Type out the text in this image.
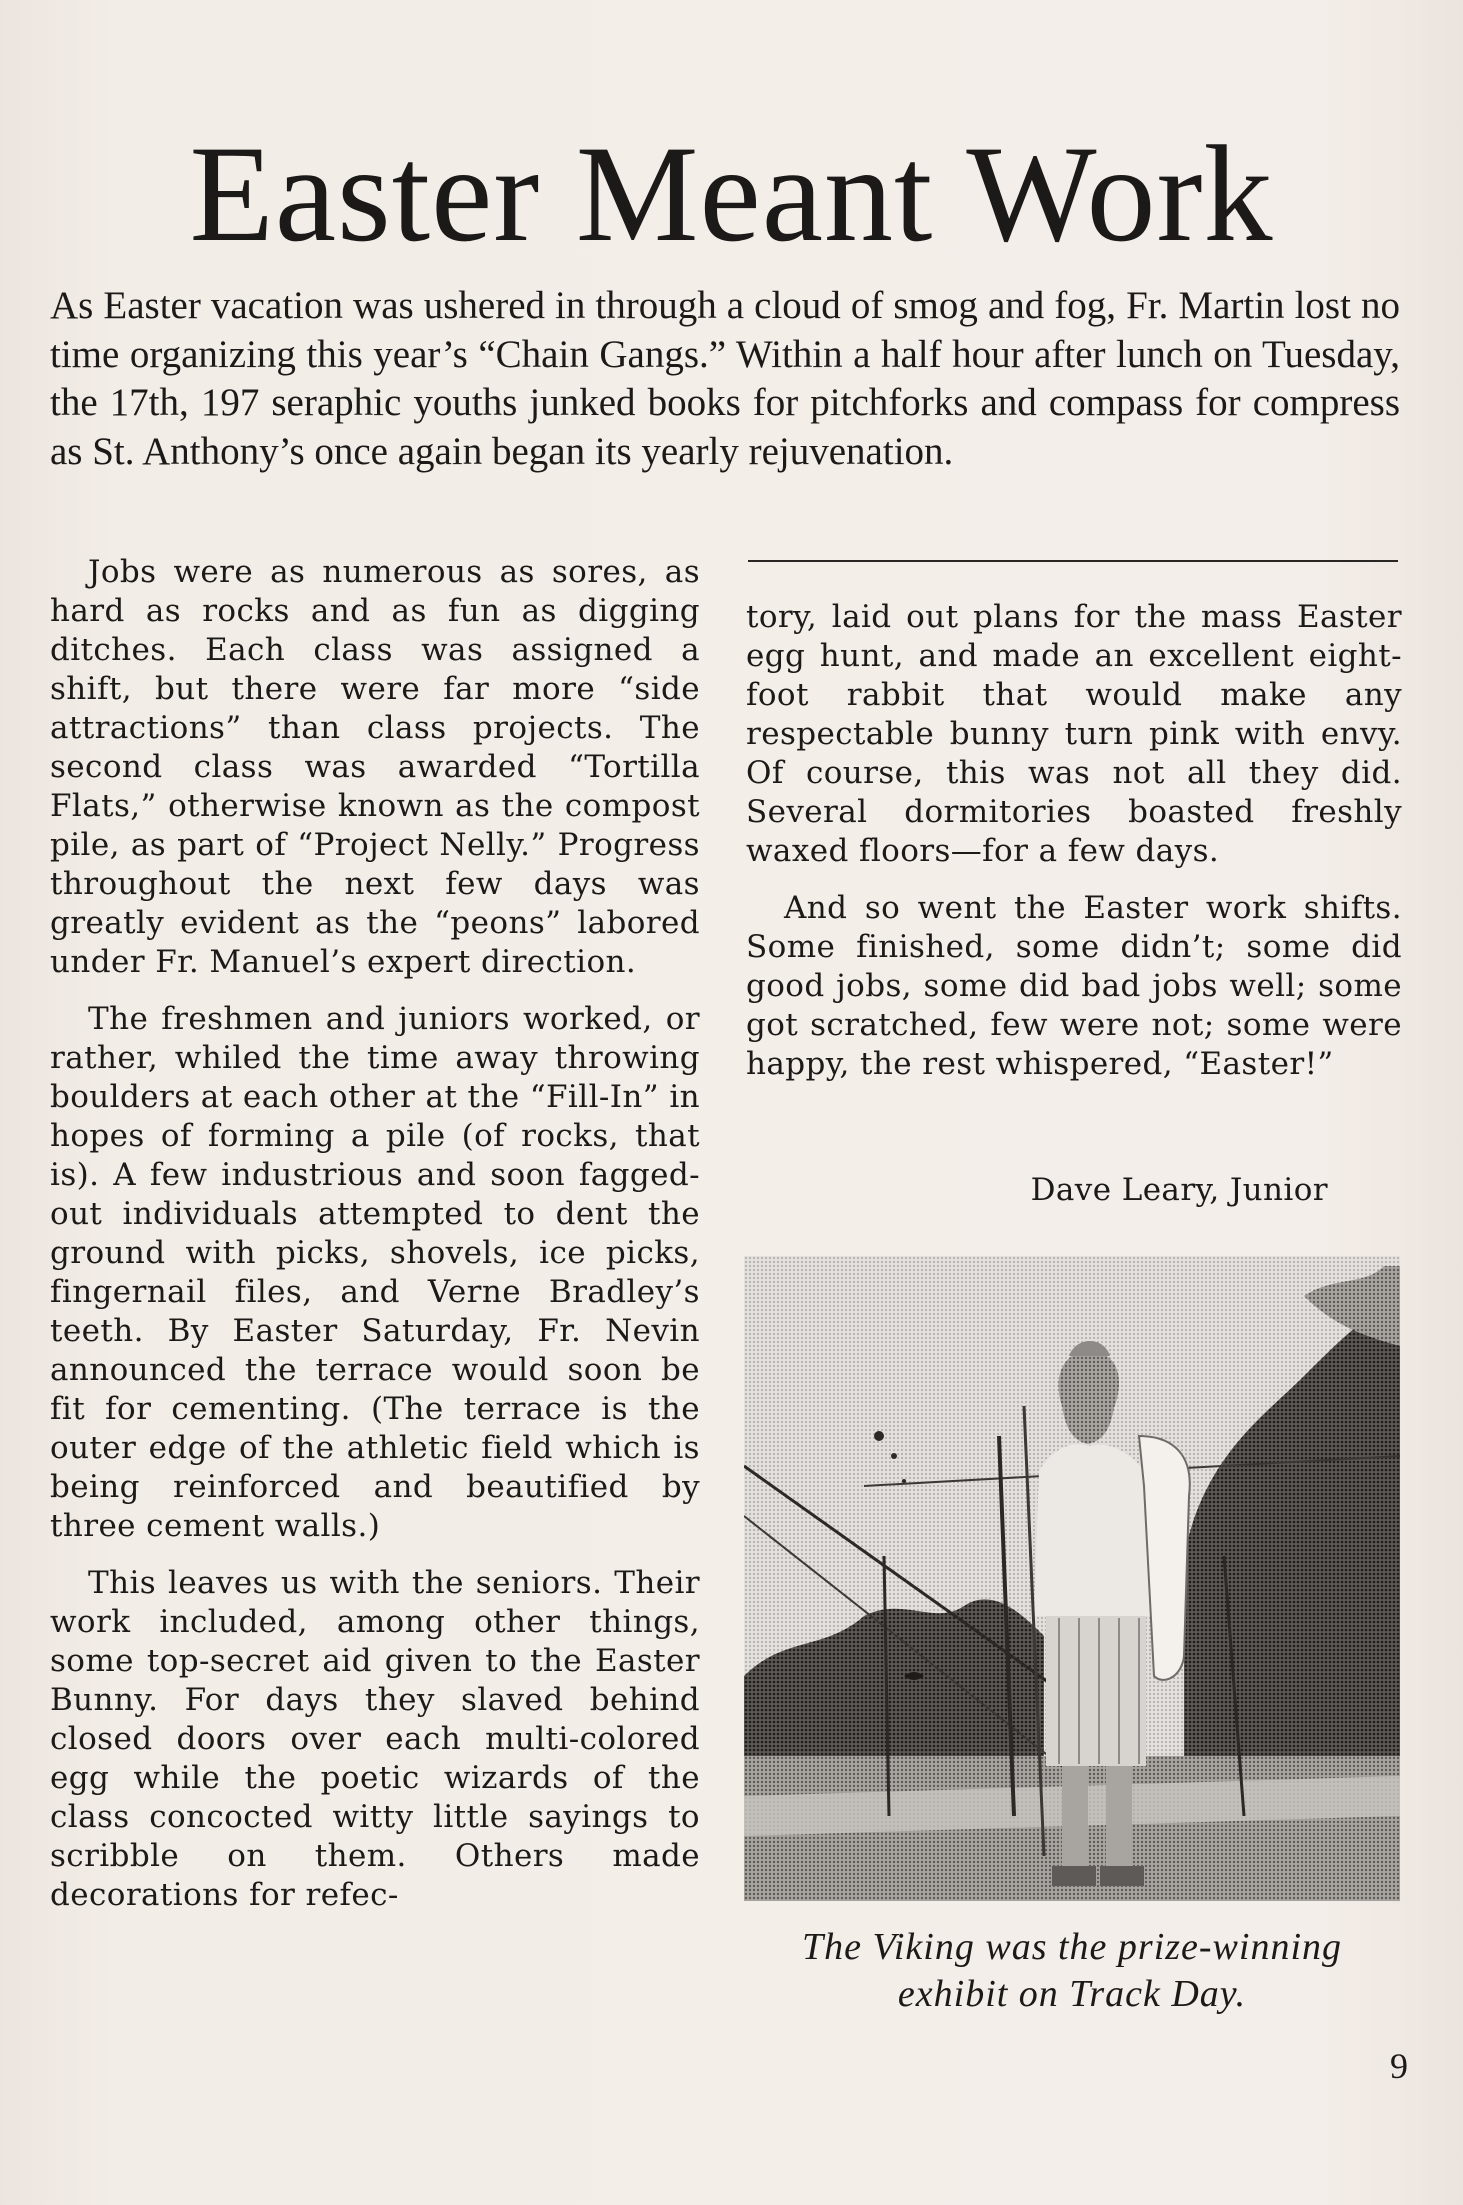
Easter Meant Work

As Easter vacation was ushered in through a cloud of smog and fog, Fr. Martin lost no time organizing this year’s “Chain Gangs.” Within a half hour after lunch on Tuesday, the 17th, 197 seraphic youths junked books for pitchforks and compass for compress as St. Anthony’s once again began its yearly rejuvenation.

Jobs were as numerous as sores, as hard as rocks and as fun as digging ditches. Each class was assigned a shift, but there were far more “side attractions” than class projects. The second class was awarded “Tortilla Flats,” otherwise known as the compost pile, as part of “Project Nelly.” Progress throughout the next few days was greatly evident as the “peons” labored under Fr. Manuel’s expert direction.

The freshmen and juniors worked, or rather, whiled the time away throwing boulders at each other at the “Fill-In” in hopes of forming a pile (of rocks, that is). A few industrious and soon fagged-out individuals attempted to dent the ground with picks, shovels, ice picks, fingernail files, and Verne Bradley’s teeth. By Easter Saturday, Fr. Nevin announced the terrace would soon be fit for cementing. (The terrace is the outer edge of the athletic field which is being reinforced and beautified by three cement walls.)

This leaves us with the seniors. Their work included, among other things, some top-secret aid given to the Easter Bunny. For days they slaved behind closed doors over each multi-colored egg while the poetic wizards of the class concocted witty little sayings to scribble on them. Others made decorations for refec-

tory, laid out plans for the mass Easter egg hunt, and made an excellent eight-foot rabbit that would make any respectable bunny turn pink with envy. Of course, this was not all they did. Several dormitories boasted freshly waxed floors—for a few days.

And so went the Easter work shifts. Some finished, some didn’t; some did good jobs, some did bad jobs well; some got scratched, few were not; some were happy, the rest whispered, “Easter!”

Dave Leary, Junior
The Viking was the prize-winning exhibit on Track Day.
9
